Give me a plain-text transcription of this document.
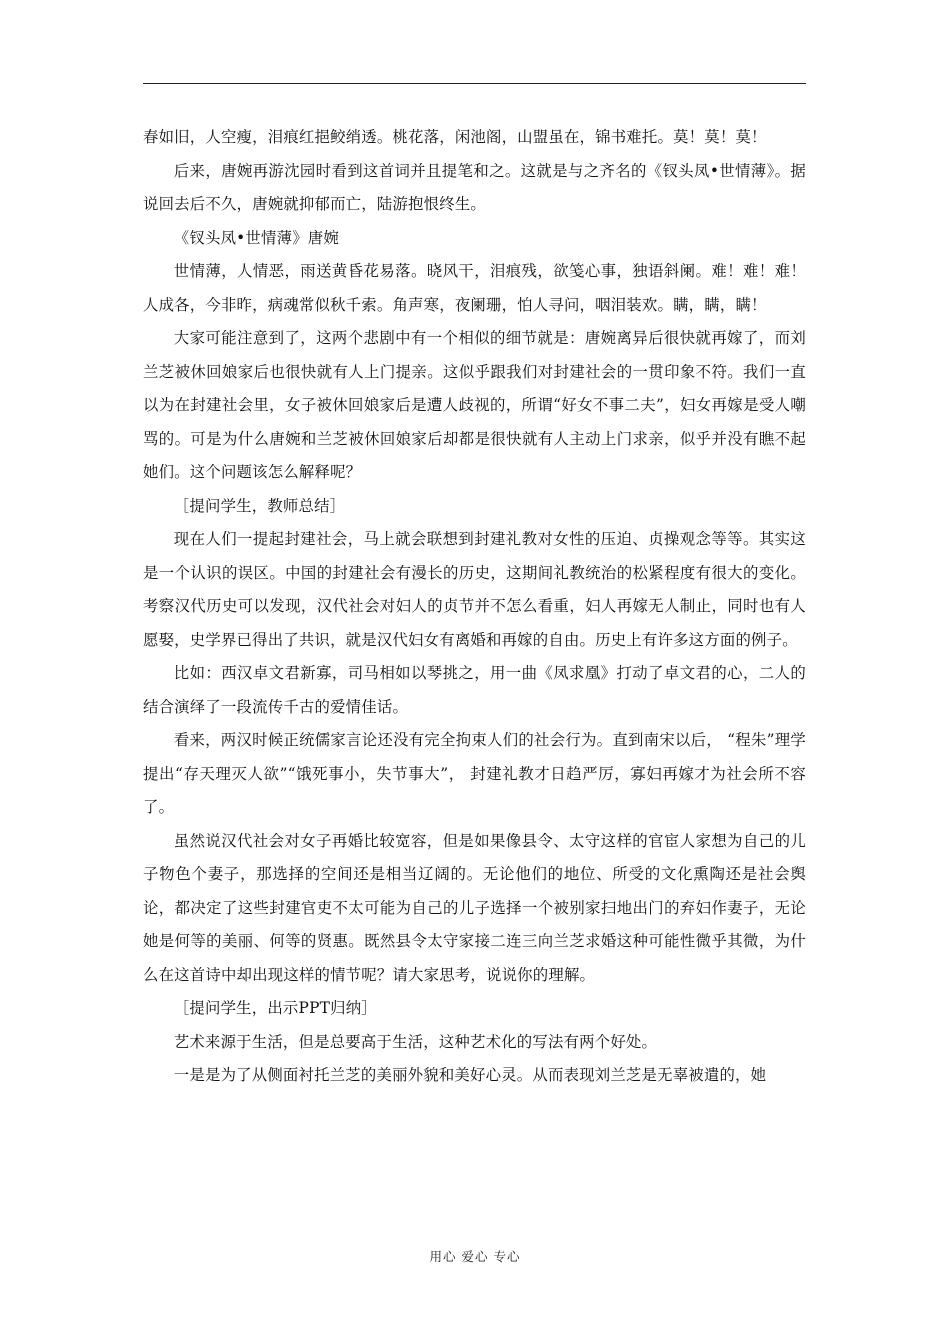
春如旧，人空瘦，泪痕红挹鲛绡透。桃花落，闲池阁，山盟虽在，锦书难托。莫！莫！莫！

后来，唐婉再游沈园时看到这首词并且提笔和之。这就是与之齐名的《钗头凤•世情薄》。据说回去后不久，唐婉就抑郁而亡，陆游抱恨终生。

《钗头凤•世情薄》唐婉

世情薄，人情恶，雨送黄昏花易落。晓风干，泪痕残，欲笺心事，独语斜阑。难！难！难！人成各，今非昨，病魂常似秋千索。角声寒，夜阑珊，怕人寻问，咽泪装欢。瞒，瞒，瞒！

大家可能注意到了，这两个悲剧中有一个相似的细节就是：唐婉离异后很快就再嫁了，而刘兰芝被休回娘家后也很快就有人上门提亲。这似乎跟我们对封建社会的一贯印象不符。我们一直以为在封建社会里，女子被休回娘家后是遭人歧视的，所谓“好女不事二夫”，妇女再嫁是受人嘲骂的。可是为什么唐婉和兰芝被休回娘家后却都是很快就有人主动上门求亲，似乎并没有瞧不起她们。这个问题该怎么解释呢？

［提问学生，教师总结］

现在人们一提起封建社会，马上就会联想到封建礼教对女性的压迫、贞操观念等等。其实这是一个认识的误区。中国的封建社会有漫长的历史，这期间礼教统治的松紧程度有很大的变化。考察汉代历史可以发现，汉代社会对妇人的贞节并不怎么看重，妇人再嫁无人制止，同时也有人愿娶，史学界已得出了共识，就是汉代妇女有离婚和再嫁的自由。历史上有许多这方面的例子。

比如：西汉卓文君新寡，司马相如以琴挑之，用一曲《凤求凰》打动了卓文君的心，二人的结合演绎了一段流传千古的爱情佳话。

看来，两汉时候正统儒家言论还没有完全拘束人们的社会行为。直到南宋以后， “程朱”理学提出“存天理灭人欲”“饿死事小，失节事大”， 封建礼教才日趋严厉，寡妇再嫁才为社会所不容了。

虽然说汉代社会对女子再婚比较宽容，但是如果像县令、太守这样的官宦人家想为自己的儿子物色个妻子，那选择的空间还是相当辽阔的。无论他们的地位、所受的文化熏陶还是社会舆论，都决定了这些封建官吏不太可能为自己的儿子选择一个被别家扫地出门的弃妇作妻子，无论她是何等的美丽、何等的贤惠。既然县令太守家接二连三向兰芝求婚这种可能性微乎其微，为什么在这首诗中却出现这样的情节呢？请大家思考，说说你的理解。

［提问学生，出示PPT归纳］

艺术来源于生活，但是总要高于生活，这种艺术化的写法有两个好处。

一是是为了从侧面衬托兰芝的美丽外貌和美好心灵。从而表现刘兰芝是无辜被遣的，她

用心 爱心 专心
